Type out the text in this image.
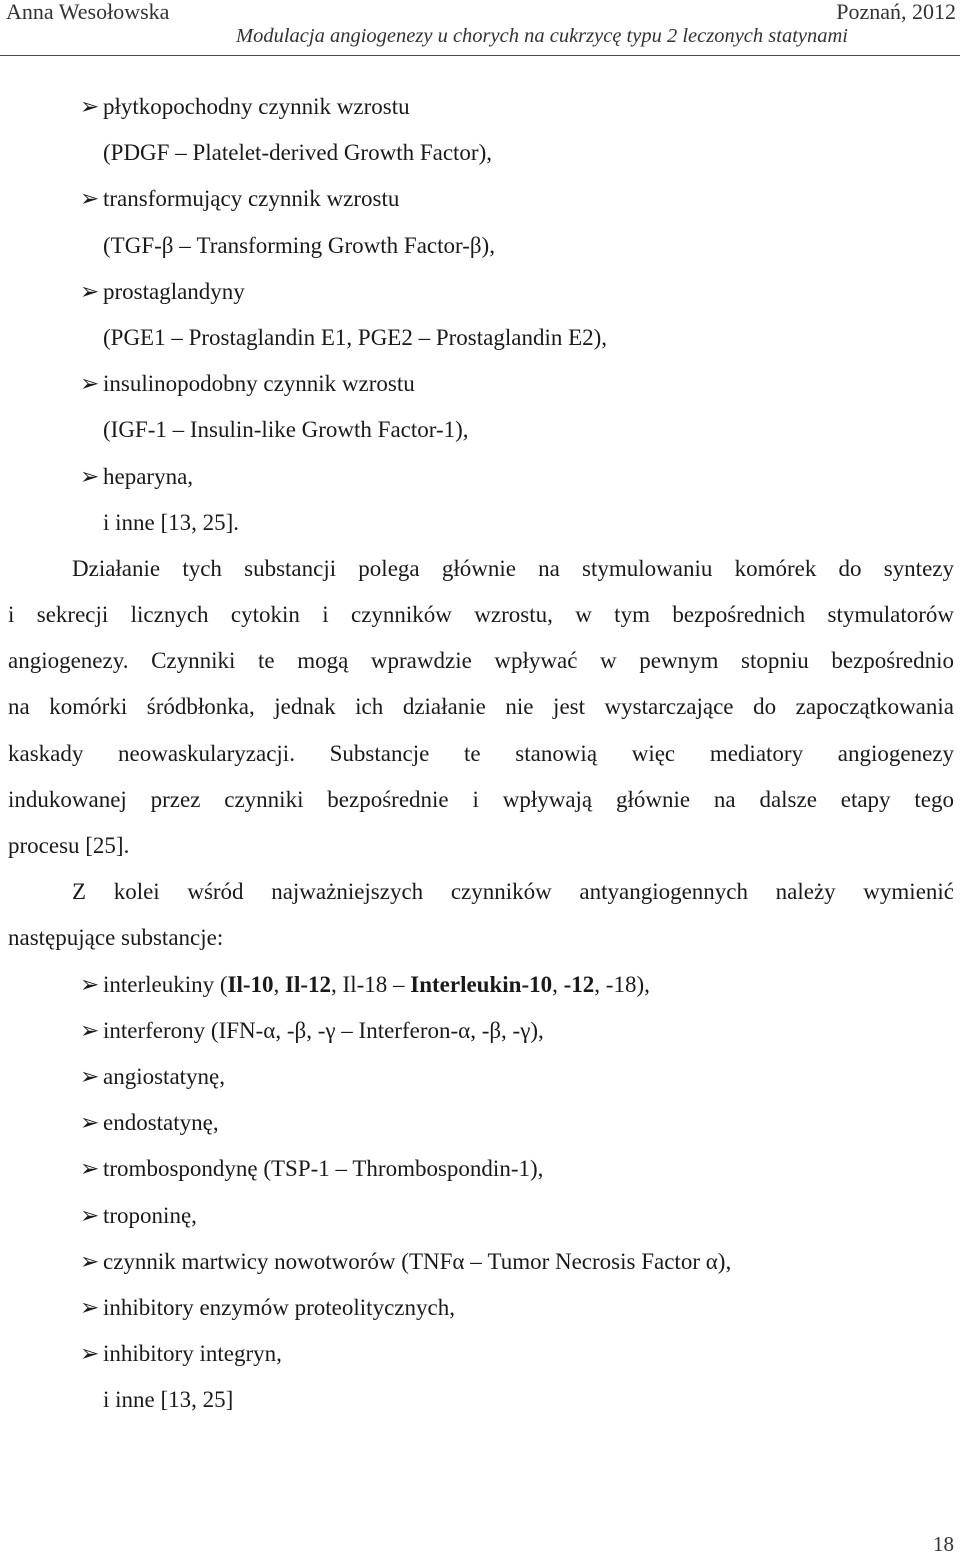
Anna Wesołowska	Poznań, 2012
Modulacja angiogenezy u chorych na cukrzycę typu 2 leczonych statynami
➢ płytkopochodny czynnik wzrostu
(PDGF – Platelet-derived Growth Factor),
➢ transformujący czynnik wzrostu
(TGF-β – Transforming Growth Factor-β),
➢ prostaglandyny
(PGE1 – Prostaglandin E1, PGE2 – Prostaglandin E2),
➢ insulinopodobny czynnik wzrostu
(IGF-1 – Insulin-like Growth Factor-1),
➢ heparyna,
i inne [13, 25].
Działanie tych substancji polega głównie na stymulowaniu komórek do syntezy
i sekrecji licznych cytokin i czynników wzrostu, w tym bezpośrednich stymulatorów
angiogenezy. Czynniki te mogą wprawdzie wpływać w pewnym stopniu bezpośrednio
na komórki śródbłonka, jednak ich działanie nie jest wystarczające do zapoczątkowania
kaskady neowaskularyzacji. Substancje te stanowią więc mediatory angiogenezy
indukowanej przez czynniki bezpośrednie i wpływają głównie na dalsze etapy tego
procesu [25].
Z kolei wśród najważniejszych czynników antyangiogennych należy wymienić
następujące substancje:
➢ interleukiny (Il-10, Il-12, Il-18 – Interleukin-10, -12, -18),
➢ interferony (IFN-α, -β, -γ – Interferon-α, -β, -γ),
➢ angiostatynę,
➢ endostatynę,
➢ trombospondynę (TSP-1 – Thrombospondin-1),
➢ troponinę,
➢ czynnik martwicy nowotworów (TNFα – Tumor Necrosis Factor α),
➢ inhibitory enzymów proteolitycznych,
➢ inhibitory integryn,
i inne [13, 25]
18
